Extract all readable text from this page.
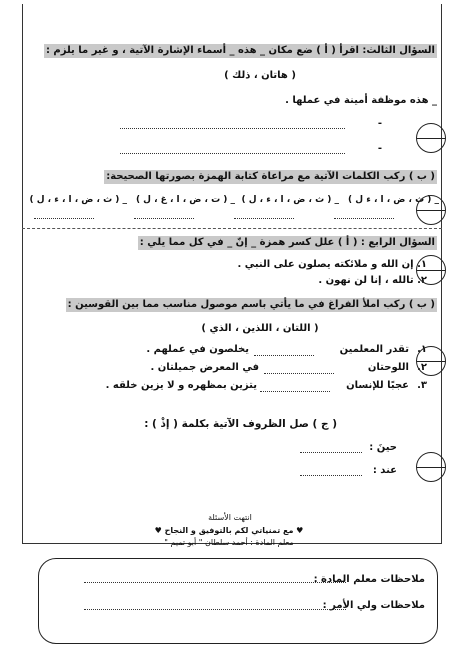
السؤال الثالث: اقرأ ( أ ) ضع مكان _ هذه _ أسماء الإشارة الآتية ، و غير ما يلزم :
( هاتان ، ذلك )
_ هذه موظفة أمينة في عملها .
-
-
( ب ) ركب الكلمات الآتية مع مراعاة كتابة الهمزة بصورتها الصحيحة:
_ ( ث ، ض ، ا ، ء ل )
_ ( ث ، ض ، ا ، ء ، ل )
_ ( ت ، ض ، ا ، غ ، ل )
_ ( ث ، ض ، ا ، ء ، ل )
السؤال الرابع : ( أ ) علل كسر همزة _ إنّ _ في كل مما يلي :
١. إن الله و ملائكته يصلون على النبي .
٢. تالله ، إنا لن نهون .
( ب ) ركب املأ الفراغ في ما يأتي باسم موصول مناسب مما بين القوسين :
( اللتان ، اللذين ، الذي )
١.
تقدر المعلمين
يخلصون في عملهم .
٢.
اللوحتان
في المعرض جميلتان .
٣.
عجبًا للإنسان
يتزين بمظهره و لا يزين خلقه .
( ج ) صل الظروف الآتية بكلمة ( إذْ ) :
حينَ :
عند :
انتهت الأسئلة
♥ مع تمنياتي لكم بالتوفيق و النجاح ♥
معلم المادة : أحمد سلطان " أبو تميم "
ملاحظات معلم المادة :
ملاحظات ولي الأمر :
